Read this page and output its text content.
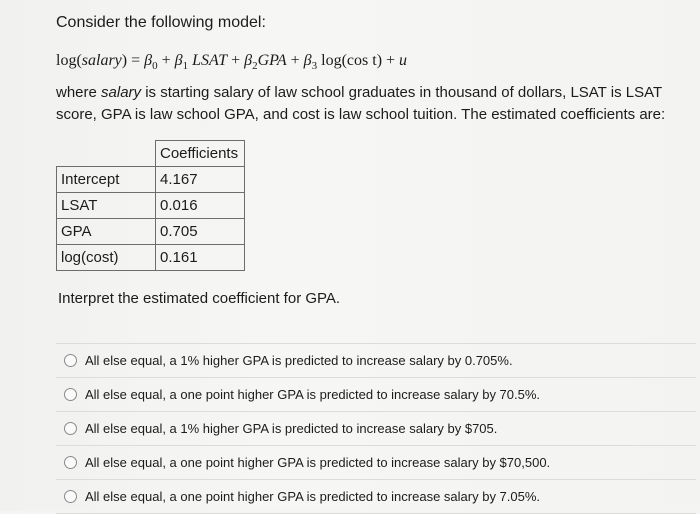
Consider the following model:
log(salary) = $\beta_0 + \beta_1$ LSAT + $\beta_2GPA + \beta_3$ log(cos t) + u
where salary is starting salary of law school graduates in thousand of dollars, LSAT is LSAT score, GPA is law school GPA, and cost is law school tuition. The estimated coefficients are:
	Coefficients
Intercept	4.167
LSAT	0.016
GPA	0.705
log(cost)	0.161
Interpret the estimated coefficient for GPA.
All else equal, a 1% higher GPA is predicted to increase salary by 0.705%.
All else equal, a one point higher GPA is predicted to increase salary by 70.5%.
All else equal, a 1% higher GPA is predicted to increase salary by $705.
All else equal, a one point higher GPA is predicted to increase salary by $70,500.
All else equal, a one point higher GPA is predicted to increase salary by 7.05%.
